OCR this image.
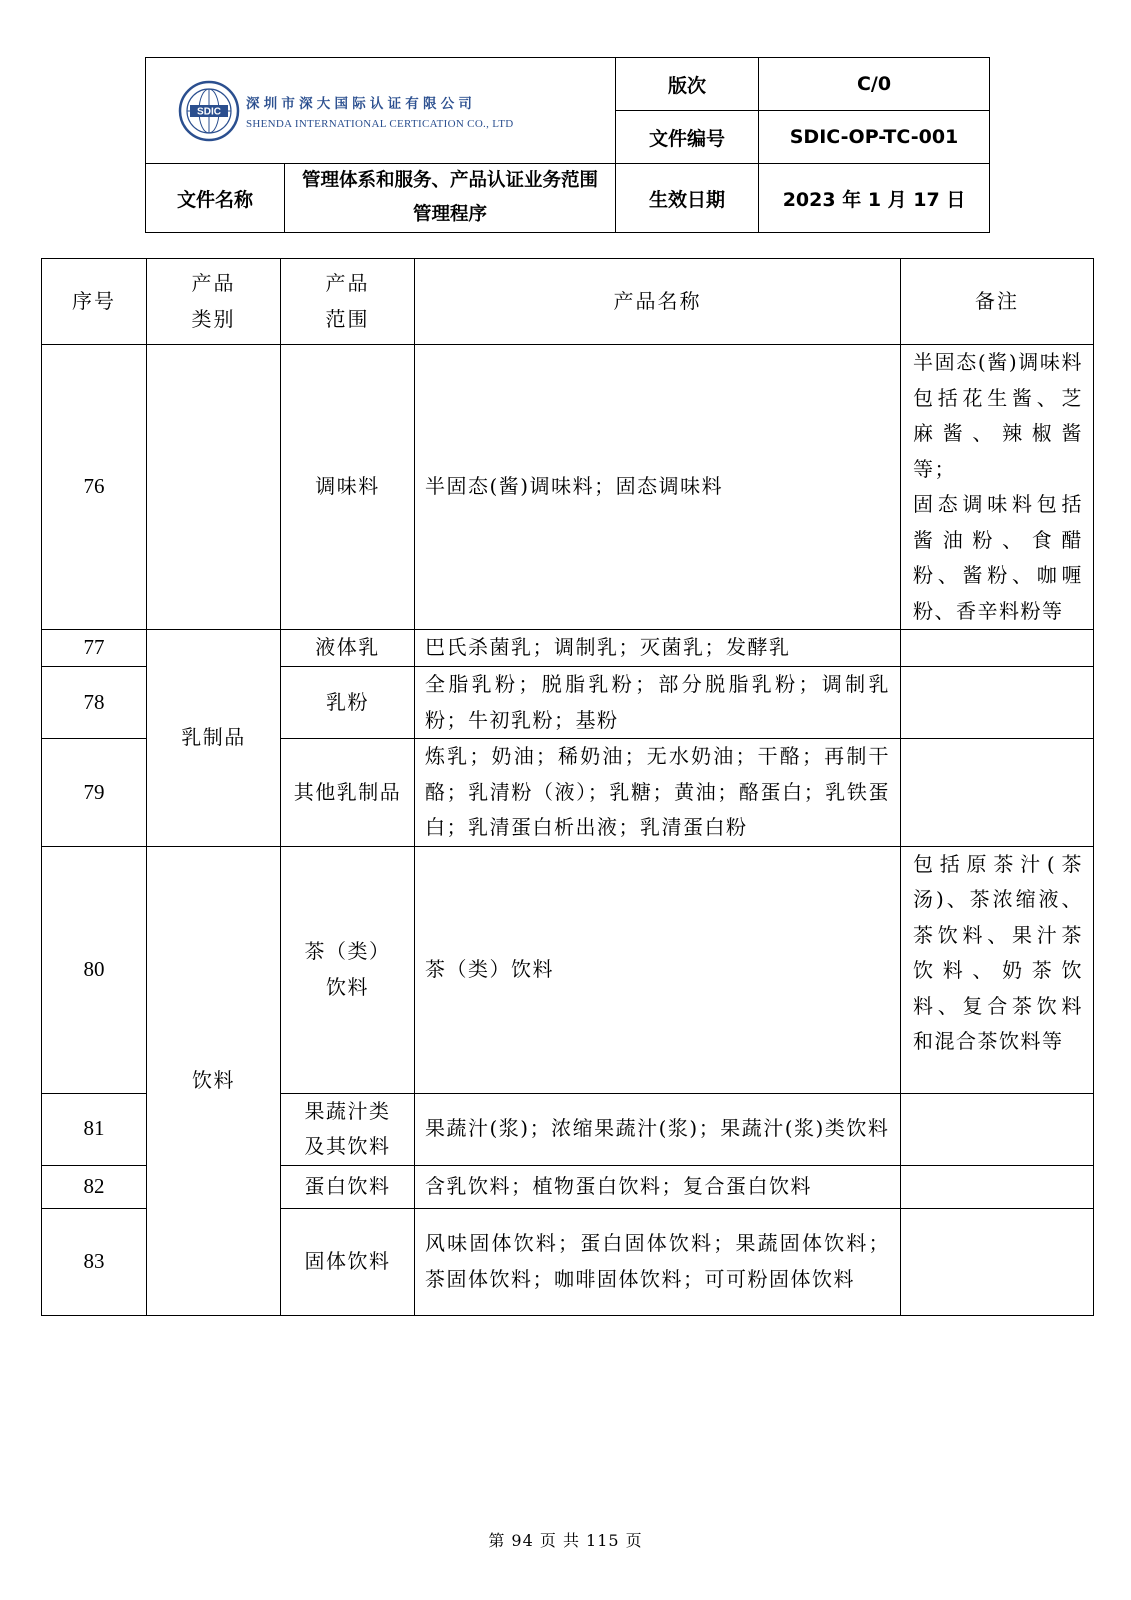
SDIC 深圳市深大国际认证有限公司
SHENDA INTERNATIONAL CERTICATION CO., LTD		版次	C/0
		文件编号	SDIC-OP-TC-001
文件名称	管理体系和服务、产品认证业务范围管理程序	生效日期	2023 年 1 月 17 日
序号	产品类别	产品范围	产品名称	备注
76		调味料	半固态(酱)调味料；固态调味料	半固态(酱)调味料包括花生酱、芝麻酱、辣椒酱等；
固态调味料包括酱油粉、食醋粉、酱粉、咖喱粉、香辛料粉等
77	乳制品	液体乳	巴氏杀菌乳；调制乳；灭菌乳；发酵乳	
78		乳粉	全脂乳粉；脱脂乳粉；部分脱脂乳粉；调制乳粉；牛初乳粉；基粉	
79		其他乳制品	炼乳；奶油；稀奶油；无水奶油；干酪；再制干酪；乳清粉（液）；乳糖；黄油；酪蛋白；乳铁蛋白；乳清蛋白析出液；乳清蛋白粉	
80	饮料	茶（类）饮料	茶（类）饮料	包括原茶汁(茶汤)、茶浓缩液、茶饮料、果汁茶饮料、奶茶饮料、复合茶饮料和混合茶饮料等
81		果蔬汁类及其饮料	果蔬汁(浆)；浓缩果蔬汁(浆)；果蔬汁(浆)类饮料	
82		蛋白饮料	含乳饮料；植物蛋白饮料；复合蛋白饮料	
83		固体饮料	风味固体饮料；蛋白固体饮料；果蔬固体饮料；茶固体饮料；咖啡固体饮料；可可粉固体饮料	
第 94 页 共 115 页
